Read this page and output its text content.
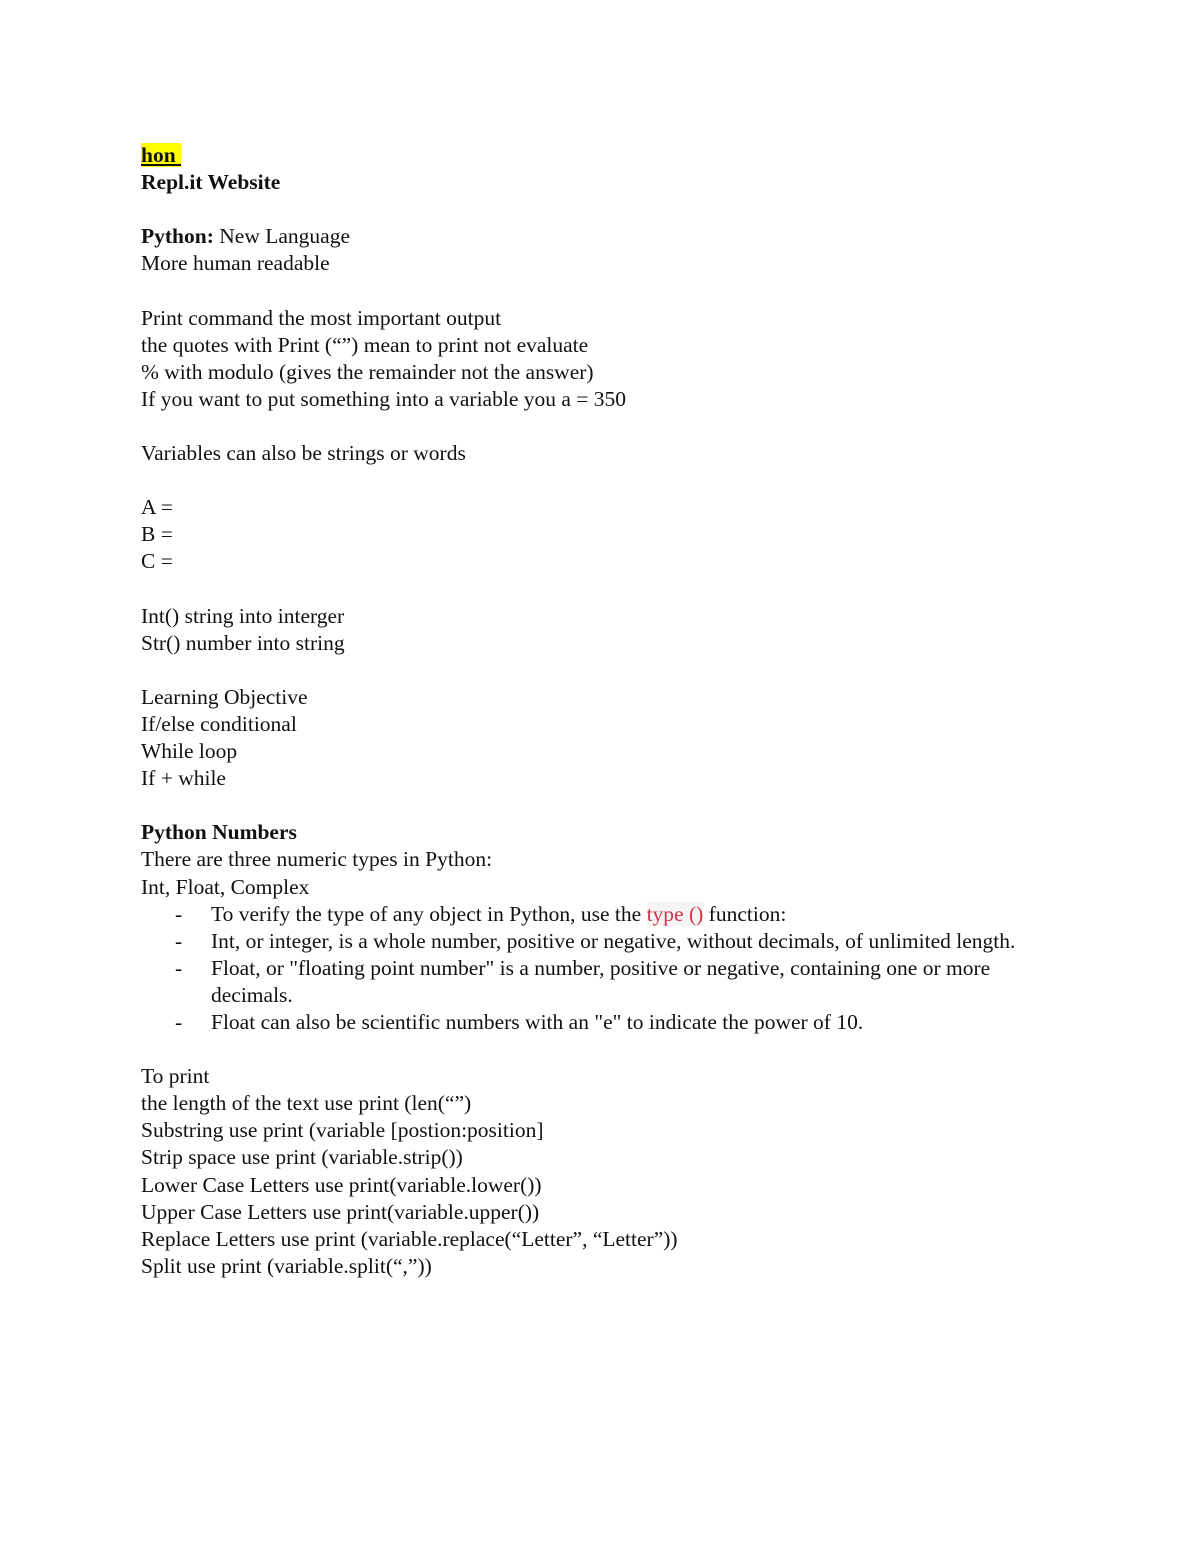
hon
Repl.it Website
Python: New Language
More human readable
Print command the most important output
the quotes with Print (“”) mean to print not evaluate
% with modulo (gives the remainder not the answer)
If you want to put something into a variable you a = 350
Variables can also be strings or words
A =
B =
C =
Int() string into interger
Str() number into string
Learning Objective
If/else conditional
While loop
If + while
Python Numbers
There are three numeric types in Python:
Int, Float, Complex
- To verify the type of any object in Python, use the type () function:
- Int, or integer, is a whole number, positive or negative, without decimals, of unlimited length.
- Float, or "floating point number" is a number, positive or negative, containing one or more decimals.
- Float can also be scientific numbers with an "e" to indicate the power of 10.
To print
the length of the text use print (len(“”)
Substring use print (variable [postion:position]
Strip space use print (variable.strip())
Lower Case Letters use print(variable.lower())
Upper Case Letters use print(variable.upper())
Replace Letters use print (variable.replace(“Letter”, “Letter”))
Split use print (variable.split(“,”))
